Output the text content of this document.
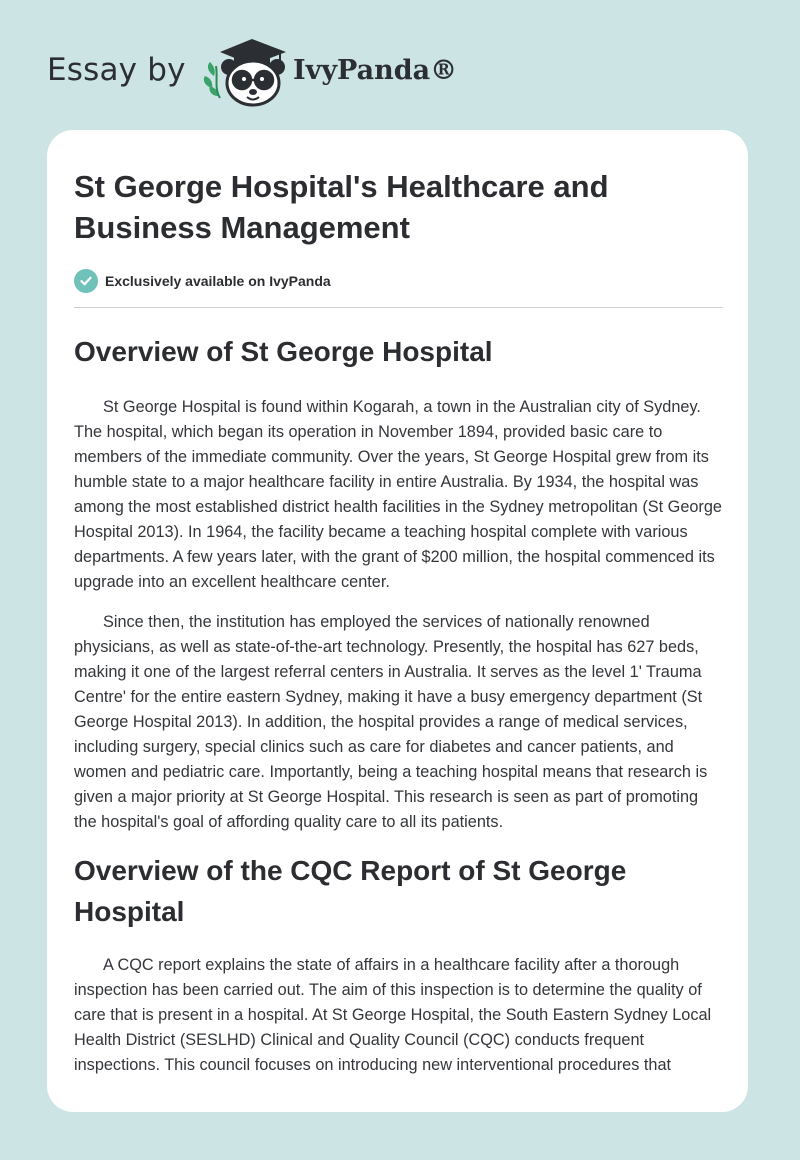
Essay by	IvyPanda®
St George Hospital's Healthcare and Business Management
Exclusively available on IvyPanda
Overview of St George Hospital

St George Hospital is found within Kogarah, a town in the Australian city of Sydney. The hospital, which began its operation in November 1894, provided basic care to members of the immediate community. Over the years, St George Hospital grew from its humble state to a major healthcare facility in entire Australia. By 1934, the hospital was among the most established district health facilities in the Sydney metropolitan (St George Hospital 2013). In 1964, the facility became a teaching hospital complete with various departments. A few years later, with the grant of $200 million, the hospital commenced its upgrade into an excellent healthcare center.

Since then, the institution has employed the services of nationally renowned physicians, as well as state-of-the-art technology. Presently, the hospital has 627 beds, making it one of the largest referral centers in Australia. It serves as the level 1' Trauma Centre' for the entire eastern Sydney, making it have a busy emergency department (St George Hospital 2013). In addition, the hospital provides a range of medical services, including surgery, special clinics such as care for diabetes and cancer patients, and women and pediatric care. Importantly, being a teaching hospital means that research is given a major priority at St George Hospital. This research is seen as part of promoting the hospital's goal of affording quality care to all its patients.

Overview of the CQC Report of St George Hospital

A CQC report explains the state of affairs in a healthcare facility after a thorough inspection has been carried out. The aim of this inspection is to determine the quality of care that is present in a hospital. At St George Hospital, the South Eastern Sydney Local Health District (SESLHD) Clinical and Quality Council (CQC) conducts frequent inspections. This council focuses on introducing new interventional procedures that
